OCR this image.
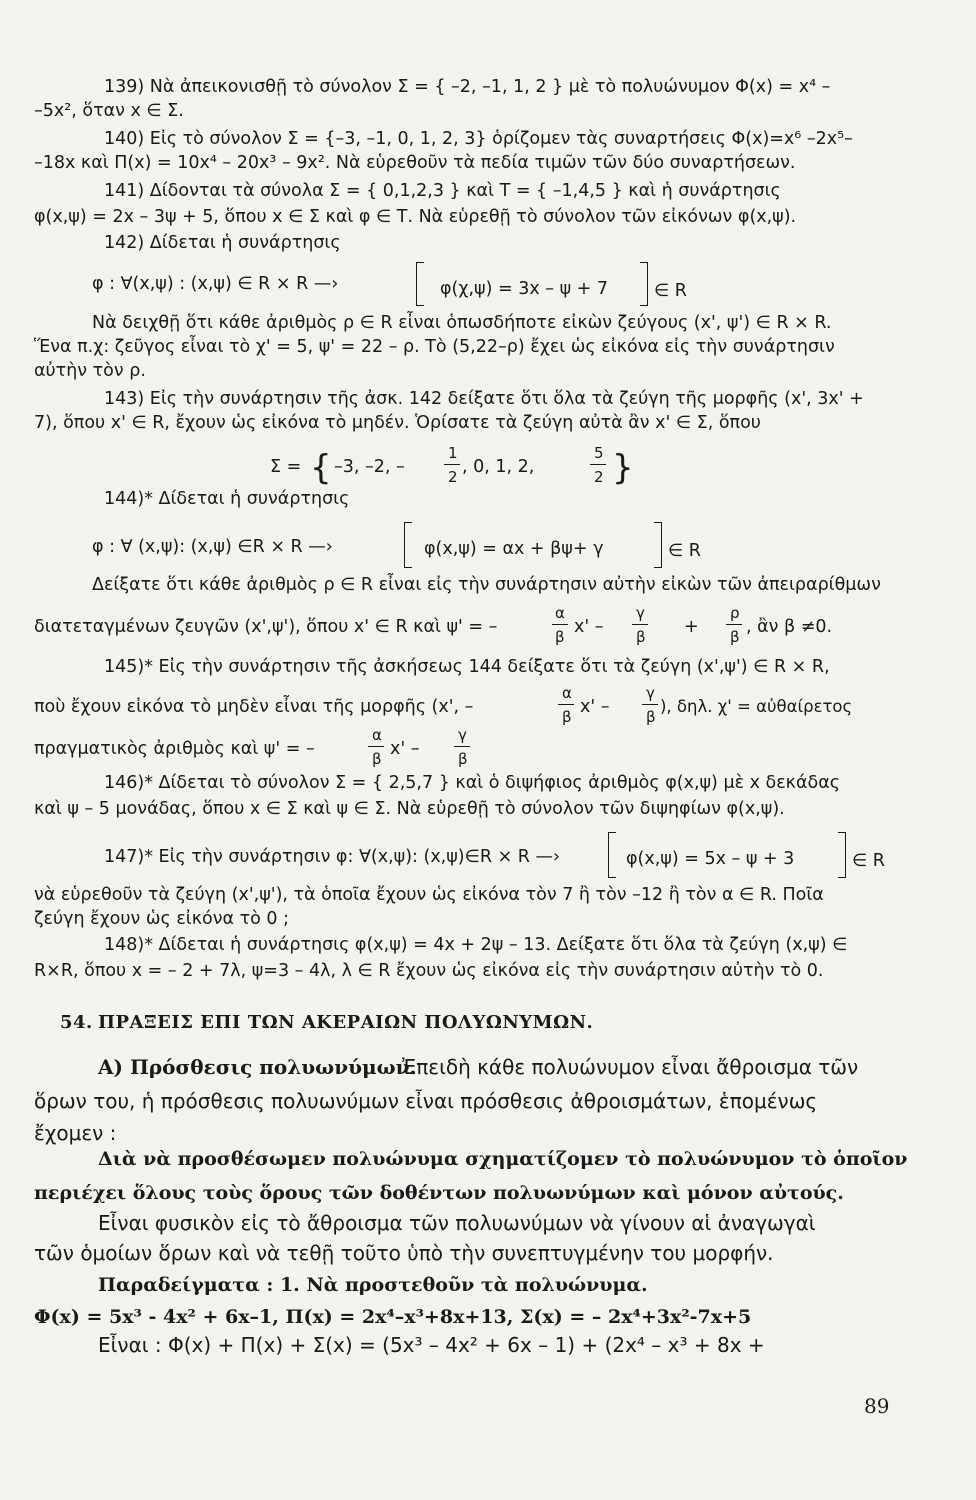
139) Νὰ ἀπεικονισθῇ τὸ σύνολον Σ = { –2, –1, 1, 2 } μὲ τὸ πολυώνυμον Φ(x) = x⁴ –
–5x², ὅταν x ∈ Σ.
140) Εἰς τὸ σύνολον Σ = {–3, –1, 0, 1, 2, 3} ὁρίζομεν τὰς συναρτήσεις Φ(x)=x⁶ –2x⁵–
–18x καὶ Π(x) = 10x⁴ – 20x³ – 9x². Νὰ εὑρεθοῦν τὰ πεδία τιμῶν τῶν δύο συναρτήσεων.
141) Δίδονται τὰ σύνολα Σ = { 0,1,2,3 } καὶ Τ = { –1,4,5 } καὶ ἡ συνάρτησις
φ(x,ψ) = 2x – 3ψ + 5, ὅπου x ∈ Σ καὶ φ ∈ Τ. Νὰ εὑρεθῇ τὸ σύνολον τῶν εἰκόνων φ(x,ψ).
142) Δίδεται ἡ συνάρτησις
φ : ∀(x,ψ) : (x,ψ) ∈ R × R —›	φ(χ,ψ) = 3x – ψ + 7	∈ R
Νὰ δειχθῇ ὅτι κάθε ἀριθμὸς ρ ∈ R εἶναι ὁπωσδήποτε εἰκὼν ζεύγους (x', ψ') ∈ R × R.
Ἕνα π.χ: ζεῦγος εἶναι τὸ χ' = 5, ψ' = 22 – ρ. Τὸ (5,22–ρ) ἔχει ὡς εἰκόνα εἰς τὴν συνάρτησιν
αὐτὴν τὸν ρ.
143) Εἰς τὴν συνάρτησιν τῆς ἀσκ. 142 δείξατε ὅτι ὅλα τὰ ζεύγη τῆς μορφῆς (x', 3x' +
7), ὅπου x' ∈ R, ἔχουν ὡς εἰκόνα τὸ μηδέν. Ὁρίσατε τὰ ζεύγη αὐτὰ ἂν x' ∈ Σ, ὅπου
Σ = { –3, –2, –
1
2 , 0, 1, 2,
5
2 }
144)* Δίδεται ἡ συνάρτησις
φ : ∀ (x,ψ): (x,ψ) ∈R × R —›	φ(x,ψ) = αx + βψ+ γ	∈ R
Δείξατε ὅτι κάθε ἀριθμὸς ρ ∈ R εἶναι εἰς τὴν συνάρτησιν αὐτὴν εἰκὼν τῶν ἀπειραρίθμων
διατεταγμένων ζευγῶν (x',ψ'), ὅπου x' ∈ R καὶ ψ' = –
α
β x' –
γ
β +
ρ
β , ἂν β ≠0.
145)* Εἰς τὴν συνάρτησιν τῆς ἀσκήσεως 144 δείξατε ὅτι τὰ ζεύγη (x',ψ') ∈ R × R,
ποὺ ἔχουν εἰκόνα τὸ μηδὲν εἶναι τῆς μορφῆς (x', –
α
β x' –
γ
β
), δηλ. χ' = αὐθαίρετος
πραγματικὸς ἀριθμὸς καὶ ψ' = –
α
β x' –
γ
β
146)* Δίδεται τὸ σύνολον Σ = { 2,5,7 } καὶ ὁ διψήφιος ἀριθμὸς φ(x,ψ) μὲ x δεκάδας
καὶ ψ – 5 μονάδας, ὅπου x ∈ Σ καὶ ψ ∈ Σ. Νὰ εὑρεθῇ τὸ σύνολον τῶν διψηφίων φ(x,ψ).
147)* Εἰς τὴν συνάρτησιν φ: ∀(x,ψ): (x,ψ)∈R × R —›	φ(x,ψ) = 5x – ψ + 3	∈ R
νὰ εὑρεθοῦν τὰ ζεύγη (x',ψ'), τὰ ὁποῖα ἔχουν ὡς εἰκόνα τὸν 7 ἢ τὸν –12 ἢ τὸν α ∈ R. Ποῖα
ζεύγη ἔχουν ὡς εἰκόνα τὸ 0 ;
148)* Δίδεται ἡ συνάρτησις φ(x,ψ) = 4x + 2ψ – 13. Δείξατε ὅτι ὅλα τὰ ζεύγη (x,ψ) ∈
R×R, ὅπου x = – 2 + 7λ, ψ=3 – 4λ, λ ∈ R ἔχουν ὡς εἰκόνα εἰς τὴν συνάρτησιν αὐτὴν τὸ 0.
54. ΠΡΑΞΕΙΣ ΕΠΙ ΤΩΝ ΑΚΕΡΑΙΩΝ ΠΟΛΥΩΝΥΜΩΝ.
Α) Πρόσθεσις πολυωνύμων.
Ἐπειδὴ κάθε πολυώνυμον εἶναι ἄθροισμα τῶν
ὅρων του, ἡ πρόσθεσις πολυωνύμων εἶναι πρόσθεσις ἀθροισμάτων, ἑπομένως
ἔχομεν :
Διὰ νὰ προσθέσωμεν πολυώνυμα σχηματίζομεν τὸ πολυώνυμον τὸ ὁποῖον
περιέχει ὅλους τοὺς ὅρους τῶν δοθέντων πολυωνύμων καὶ μόνον αὐτούς.
Εἶναι φυσικὸν εἰς τὸ ἄθροισμα τῶν πολυωνύμων νὰ γίνουν αἱ ἀναγωγαὶ
τῶν ὁμοίων ὅρων καὶ νὰ τεθῇ τοῦτο ὑπὸ τὴν συνεπτυγμένην του μορφήν.
Παραδείγματα : 1. Νὰ προστεθοῦν τὰ πολυώνυμα.
Φ(x) = 5x³ - 4x² + 6x–1, Π(x) = 2x⁴–x³+8x+13, Σ(x) = – 2x⁴+3x²-7x+5
Εἶναι : Φ(x) + Π(x) + Σ(x) = (5x³ – 4x² + 6x – 1) + (2x⁴ – x³ + 8x +
89
